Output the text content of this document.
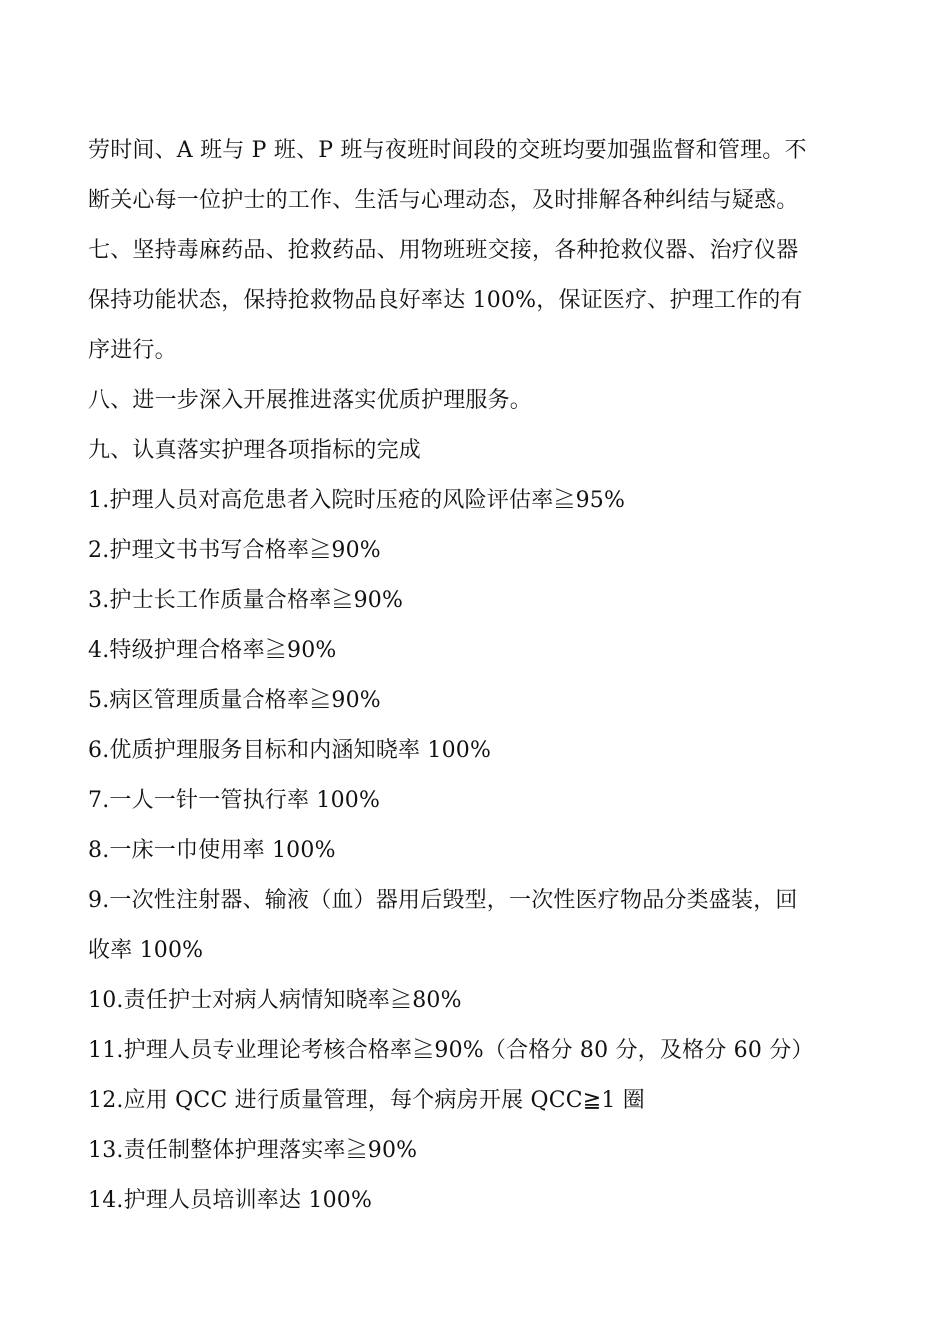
劳时间、A 班与 P 班、P 班与夜班时间段的交班均要加强监督和管理。不
断关心每一位护士的工作、生活与心理动态，及时排解各种纠结与疑惑。
七、坚持毒麻药品、抢救药品、用物班班交接，各种抢救仪器、治疗仪器
保持功能状态，保持抢救物品良好率达 100%，保证医疗、护理工作的有
序进行。
八、进一步深入开展推进落实优质护理服务。
九、认真落实护理各项指标的完成
1.护理人员对高危患者入院时压疮的风险评估率≧95%
2.护理文书书写合格率≧90%
3.护士长工作质量合格率≧90%
4.特级护理合格率≧90%
5.病区管理质量合格率≧90%
6.优质护理服务目标和内涵知晓率 100%
7.一人一针一管执行率 100%
8.一床一巾使用率 100%
9.一次性注射器、输液（血）器用后毁型，一次性医疗物品分类盛装，回
收率 100%
10.责任护士对病人病情知晓率≧80%
11.护理人员专业理论考核合格率≧90%（合格分 80 分，及格分 60 分）
12.应用 QCC 进行质量管理，每个病房开展 QCC≧1 圈
13.责任制整体护理落实率≧90%
14.护理人员培训率达 100%
